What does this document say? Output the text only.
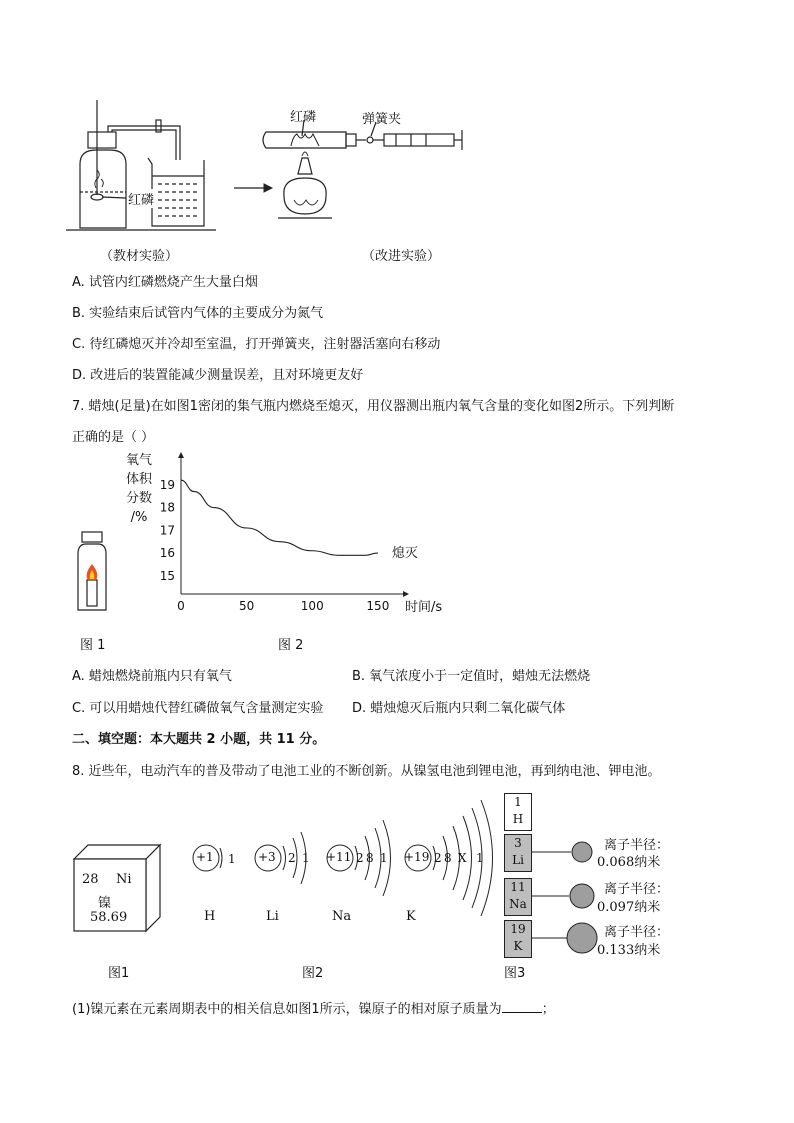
红磷
红磷	弹簧夹
（教材实验）	（改进实验）
A. 试管内红磷燃烧产生大量白烟
B. 实验结束后试管内气体的主要成分为氮气
C. 待红磷熄灭并冷却至室温，打开弹簧夹，注射器活塞向右移动
D. 改进后的装置能减少测量误差，且对环境更友好
7. 蜡烛(足量)在如图1密闭的集气瓶内燃烧至熄灭，用仪器测出瓶内氧气含量的变化如图2所示。下列判断
正确的是（ ）
0	50	100	150
15
16
17
18
19
氧气
体积
分数
/%
时间/s
熄灭
图 1	图 2
A. 蜡烛燃烧前瓶内只有氧气	B. 氧气浓度小于一定值时，蜡烛无法燃烧
C. 可以用蜡烛代替红磷做氧气含量测定实验 D. 蜡烛熄灭后瓶内只剩二氧化碳气体
二、填空题：本大题共 2 小题，共 11 分。
8. 近些年，电动汽车的普及带动了电池工业的不断创新。从镍氢电池到锂电池，再到纳电池、钾电池。
28 Ni
镍
58.69
+1 1
H
+3 2 1
Li
+11 2 8 1
Na
+19 2 8 X 1
K
1
H
3
Li
11
Na
19
K
离子半径：
0.068纳米
离子半径：
0.097纳米
离子半径：
0.133纳米
图1	图2	图3
(1)镍元素在元素周期表中的相关信息如图1所示，镍原子的相对原子质量为	；
